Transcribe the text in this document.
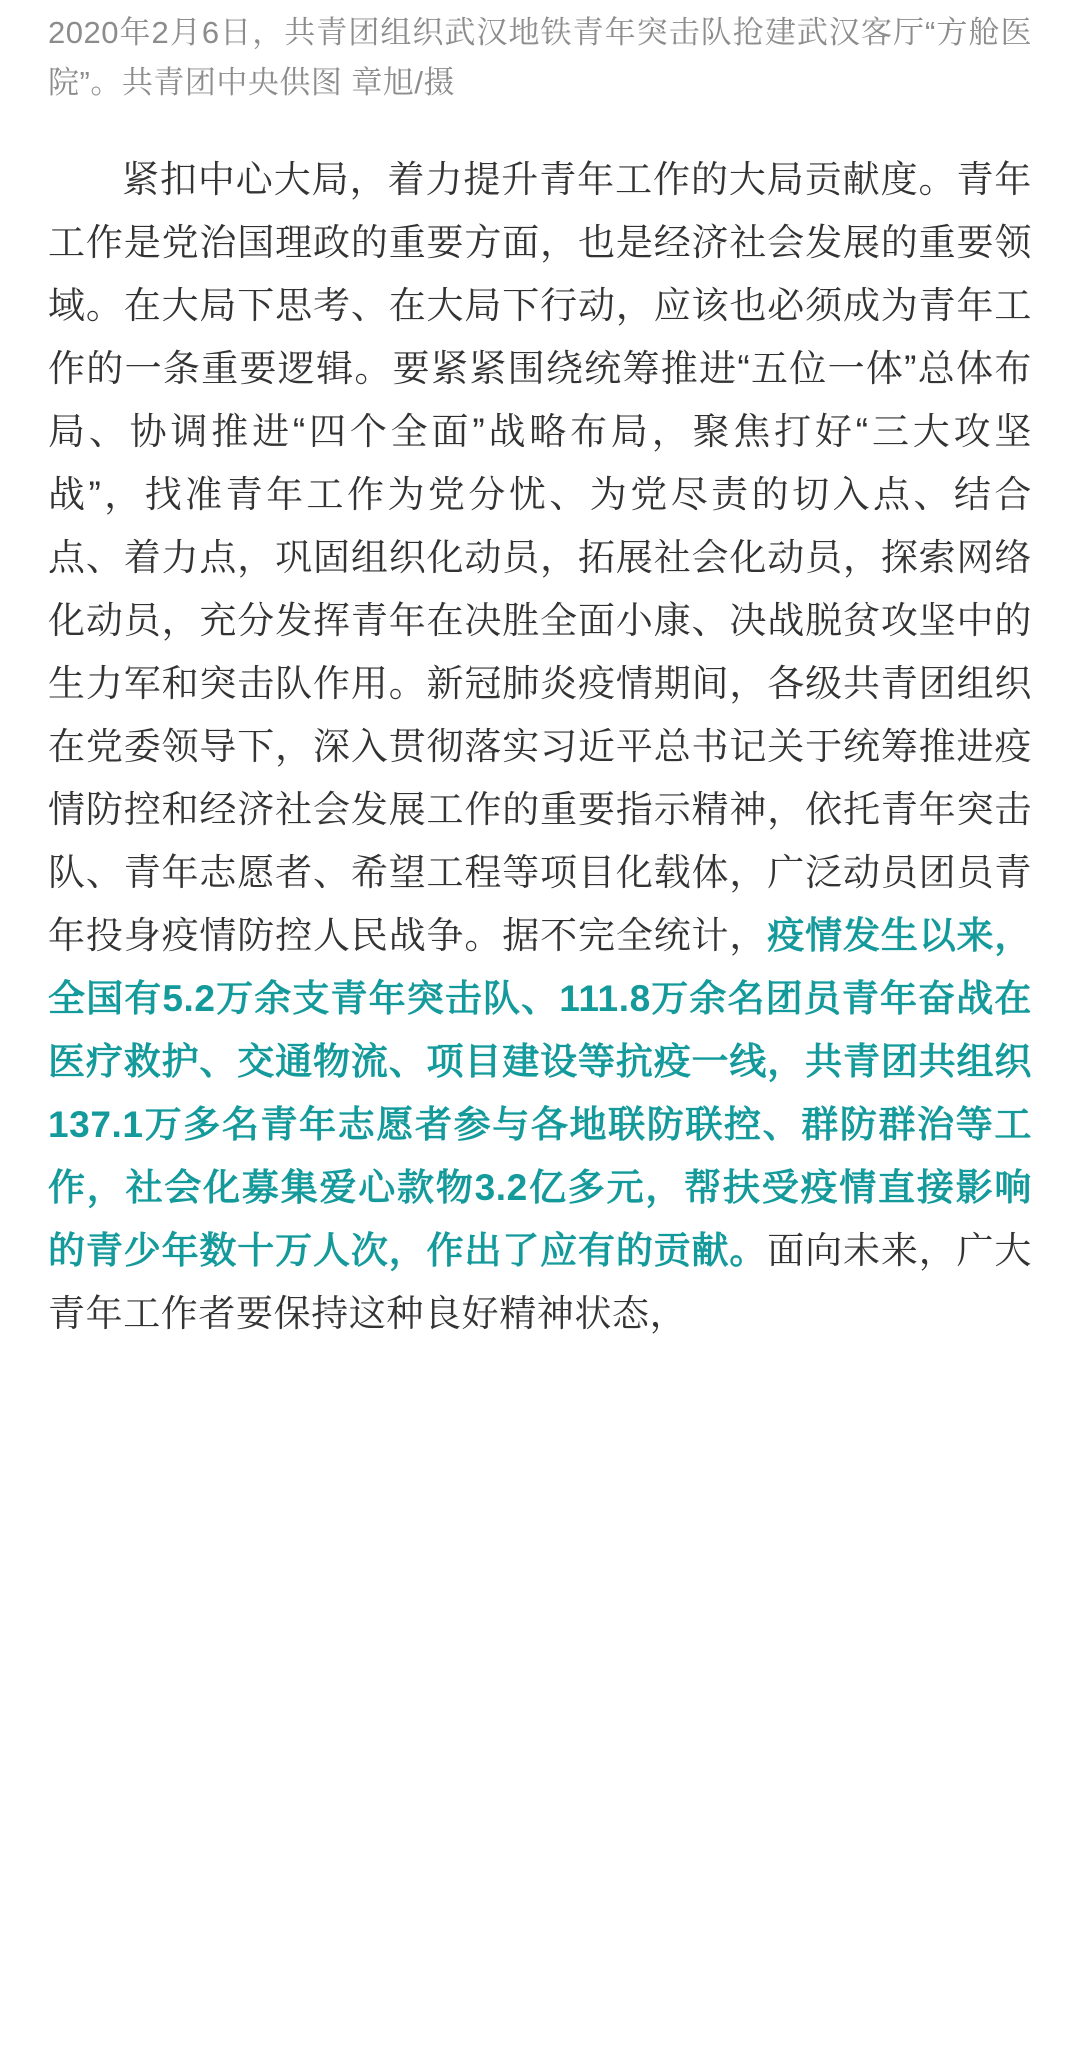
2020年2月6日，共青团组织武汉地铁青年突击队抢建武汉客厅“方舱医院”。共青团中央供图 章旭/摄

紧扣中心大局，着力提升青年工作的大局贡献度。青年工作是党治国理政的重要方面，也是经济社会发展的重要领域。在大局下思考、在大局下行动，应该也必须成为青年工作的一条重要逻辑。要紧紧围绕统筹推进“五位一体”总体布局、协调推进“四个全面”战略布局，聚焦打好“三大攻坚战”，找准青年工作为党分忧、为党尽责的切入点、结合点、着力点，巩固组织化动员，拓展社会化动员，探索网络化动员，充分发挥青年在决胜全面小康、决战脱贫攻坚中的生力军和突击队作用。新冠肺炎疫情期间，各级共青团组织在党委领导下，深入贯彻落实习近平总书记关于统筹推进疫情防控和经济社会发展工作的重要指示精神，依托青年突击队、青年志愿者、希望工程等项目化载体，广泛动员团员青年投身疫情防控人民战争。据不完全统计，疫情发生以来，全国有5.2万余支青年突击队、111.8万余名团员青年奋战在医疗救护、交通物流、项目建设等抗疫一线，共青团共组织137.1万多名青年志愿者参与各地联防联控、群防群治等工作，社会化募集爱心款物3.2亿多元，帮扶受疫情直接影响的青少年数十万人次，作出了应有的贡献。面向未来，广大青年工作者要保持这种良好精神状态，
